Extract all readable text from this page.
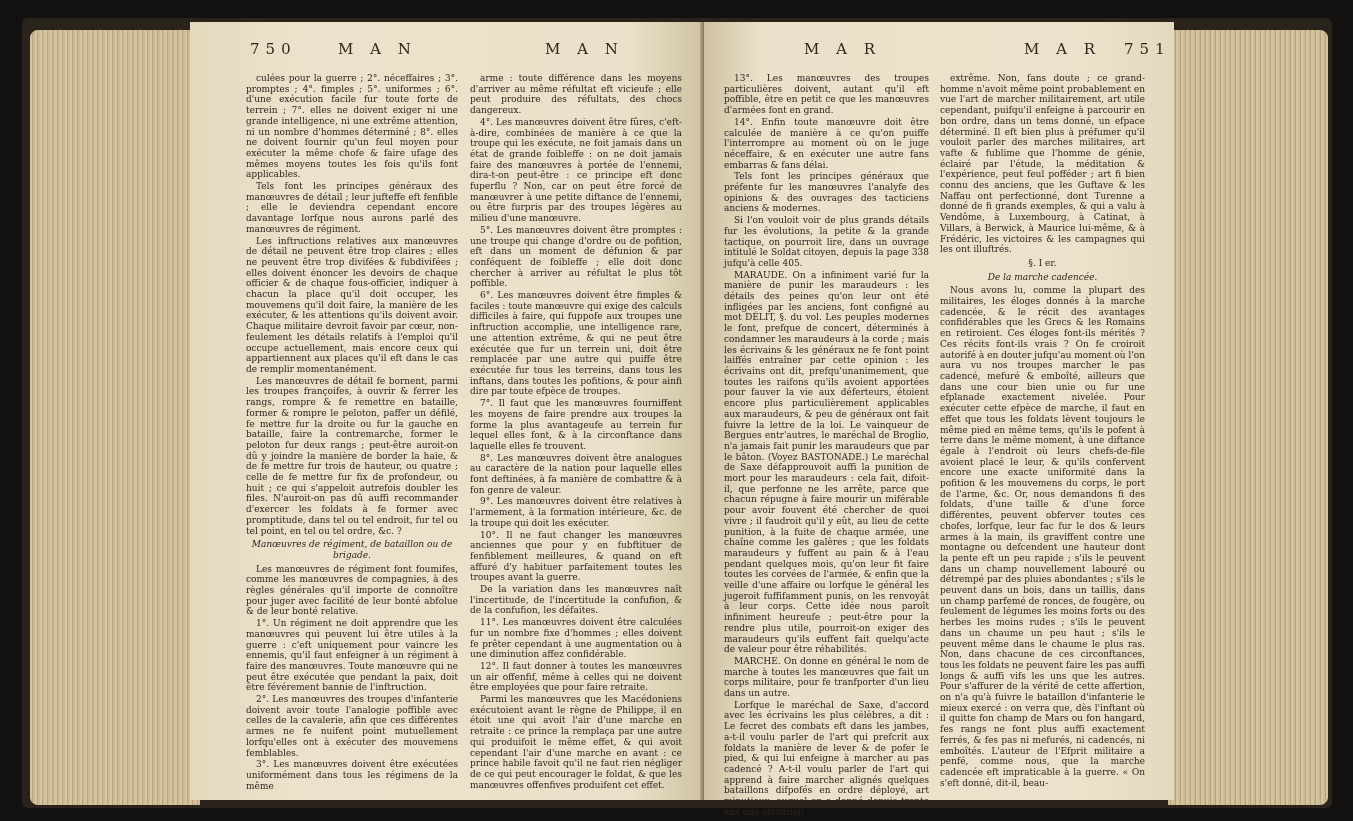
750	M A N	M A N

culées pour la guerre ; 2°. néceffaires ; 3°. promptes ; 4°. fimples ; 5°. uniformes ; 6°. d'une exécution facile fur toute forte de terrein ; 7°. elles ne doivent exiger ni une grande intelligence, ni une extrême attention, ni un nombre d'hommes déterminé ; 8°. elles ne doivent fournir qu'un feul moyen pour exécuter la même chofe & faire ufage des mêmes moyens toutes les fois qu'ils font applicables.

Tels font les principes généraux des manœuvres de détail ; leur jufteffe eft fenfible ; elle le deviendra cependant encore davantage lorfque nous aurons parlé des manœuvres de régiment.

Les inftructions relatives aux manœuvres de détail ne peuvent être trop claires ; elles ne peuvent être trop divifées & fubdivifées ; elles doivent énoncer les devoirs de chaque officier & de chaque fous-officier, indiquer à chacun la place qu'il doit occuper, les mouvemens qu'il doit faire, la manière de les exécuter, & les attentions qu'ils doivent avoir. Chaque militaire devroit favoir par cœur, non-feulement les détails relatifs à l'emploi qu'il occupe actuellement, mais encore ceux qui appartiennent aux places qu'il eft dans le cas de remplir momentanément.

Les manœuvres de détail fe bornent, parmi les troupes françoifes, à ouvrir & ferrer les rangs, rompre & fe remettre en bataille, former & rompre le peloton, paffer un défilé, fe mettre fur la droite ou fur la gauche en bataille, faire la contremarche, former le peloton fur deux rangs ; peut-être auroit-on dû y joindre la manière de border la haie, & de fe mettre fur trois de hauteur, ou quatre ; celle de fe mettre fur fix de profondeur, ou huit ; ce qui s'appeloit autrefois doubler les files. N'auroit-on pas dû auffi recommander d'exercer les foldats à fe former avec promptitude, dans tel ou tel endroit, fur tel ou tel point, en tel ou tel ordre, &c. ?

Manœuvres de régiment, de bataillon ou de brigade.

Les manœuvres de régiment font foumifes, comme les manœuvres de compagnies, à des règles générales qu'il importe de connoître pour juger avec facilité de leur bonté abfolue & de leur bonté relative.

1°. Un régiment ne doit apprendre que les manœuvres qui peuvent lui être utiles à la guerre : c'eft uniquement pour vaincre les ennemis, qu'il faut enfeigner à un régiment à faire des manœuvres. Toute manœuvre qui ne peut être exécutée que pendant la paix, doit être févérement bannie de l'inftruction.

2°. Les manœuvres des troupes d'infanterie doivent avoir toute l'analogie poffible avec celles de la cavalerie, afin que ces différentes armes ne fe nuifent point mutuellement lorfqu'elles ont à exécuter des mouvemens femblables.

3°. Les manœuvres doivent être exécutées uniformément dans tous les régimens de la même

arme : toute différence dans les moyens d'arriver au même réfultat eft vicieufe ; elle peut produire des réfultats, des chocs dangereux.

4°. Les manœuvres doivent être fûres, c'eft-à-dire, combinées de manière à ce que la troupe qui les exécute, ne foit jamais dans un état de grande foibleffe : on ne doit jamais faire des manœuvres à portée de l'ennemi, dira-t-on peut-être : ce principe eft donc fuperflu ? Non, car on peut être forcé de manœuvrer à une petite diftance de l'ennemi, ou être furpris par des troupes légères au milieu d'une manœuvre.

5°. Les manœuvres doivent être promptes : une troupe qui change d'ordre ou de pofition, eft dans un moment de défunion & par conféquent de foibleffe ; elle doit donc chercher à arriver au réfultat le plus tôt poffible.

6°. Les manœuvres doivent être fimples & faciles : toute manœuvre qui exige des calculs difficiles à faire, qui fuppofe aux troupes une inftruction accomplie, une intelligence rare, une attention extrême, & qui ne peut être exécutée que fur un terrein uni, doit être remplacée par une autre qui puiffe être exécutée fur tous les terreins, dans tous les inftans, dans toutes les pofitions, & pour ainfi dire par toute efpèce de troupes.

7°. Il faut que les manœuvres fourniffent les moyens de faire prendre aux troupes la forme la plus avantageufe au terrein fur lequel elles font, & à la circonftance dans laquelle elles fe trouvent.

8°. Les manœuvres doivent être analogues au caractère de la nation pour laquelle elles font deftinées, à fa manière de combattre & à fon genre de valeur.

9°. Les manœuvres doivent être relatives à l'armement, à la formation intérieure, &c. de la troupe qui doit les exécuter.

10°. Il ne faut changer les manœuvres anciennes que pour y en fubftituer de fenfiblement meilleures, & quand on eft affuré d'y habituer parfaitement toutes les troupes avant la guerre.

De la variation dans les manœuvres naît l'incertitude, de l'incertitude la confufion, & de la confufion, les défaites.

11°. Les manœuvres doivent être calculées fur un nombre fixe d'hommes ; elles doivent fe prêter cependant à une augmentation ou à une diminution affez confidérable.

12°. Il faut donner à toutes les manœuvres un air offenfif, même à celles qui ne doivent être employées que pour faire retraite.

Parmi les manœuvres que les Macédoniens exécutoient avant le règne de Philippe, il en étoit une qui avoit l'air d'une marche en retraite : ce prince la remplaça par une autre qui produifoit le même effet, & qui avoit cependant l'air d'une marche en avant : ce prince habile favoit qu'il ne faut rien négliger de ce qui peut encourager le foldat, & que les manœuvres offenfives produifent cet effet.

M A R	M A R 751

13°. Les manœuvres des troupes particulières doivent, autant qu'il eft poffible, être en petit ce que les manœuvres d'armées font en grand.

14°. Enfin toute manœuvre doit être calculée de manière à ce qu'on puiffe l'interrompre au moment où on le juge néceffaire, & en exécuter une autre fans embarras & fans délai.

Tels font les principes généraux que préfente fur les manœuvres l'analyfe des opinions & des ouvrages des tacticiens anciens & modernes.

Si l'on vouloit voir de plus grands détails fur les évolutions, la petite & la grande tactique, on pourroit lire, dans un ouvrage intitulé le Soldat citoyen, depuis la page 338 jufqu'à celle 405.

MARAUDE. On a infiniment varié fur la manière de punir les maraudeurs : les détails des peines qu'on leur ont été infligées par les anciens, font configné au mot DÉLIT, §. du vol. Les peuples modernes le font, prefque de concert, déterminés à condamner les maraudeurs à la corde ; mais les écrivains & les généraux ne fe font point laiffés entraîner par cette opinion : les écrivains ont dit, prefqu'unanimement, que toutes les raifons qu'ils avoient apportées pour fauver la vie aux déferteurs, étoient encore plus particulièrement applicables aux maraudeurs, & peu de généraux ont fait fuivre la lettre de la loi. Le vainqueur de Bergues entr'autres, le maréchal de Broglio, n'a jamais fait punir les maraudeurs que par le bâton. (Voyez BASTONADE.) Le maréchal de Saxe défapprouvoit auffi la punition de mort pour les maraudeurs : cela fait, difoit-il, que perfonne ne les arrête, parce que chacun répugne à faire mourir un miférable pour avoir fouvent été chercher de quoi vivre ; il faudroit qu'il y eût, au lieu de cette punition, à la fuite de chaque armée, une chaîne comme les galères ; que les foldats maraudeurs y fuffent au pain & à l'eau pendant quelques mois, qu'on leur fit faire toutes les corvées de l'armée, & enfin que la veille d'une affaire ou lorfque le général les jugeroit fuffifamment punis, on les renvoyât à leur corps. Cette idée nous paroît infiniment heureufe ; peut-être pour la rendre plus utile, pourroit-on exiger des maraudeurs qu'ils euffent fait quelqu'acte de valeur pour être réhabilités.

MARCHE. On donne en général le nom de marche à toutes les manœuvres que fait un corps militaire, pour fe tranfporter d'un lieu dans un autre.

Lorfque le maréchal de Saxe, d'accord avec les écrivains les plus célèbres, a dit : Le fecret des combats eft dans les jambes, a-t-il voulu parler de l'art qui prefcrit aux foldats la manière de lever & de pofer le pied, & qui lui enfeigne à marcher au pas cadencé ? A-t-il voulu parler de l'art qui apprend à faire marcher alignés quelques bataillons difpofés en ordre déployé, art minutieux, auquel on a donné depuis trente ans une attention

extrême. Non, fans doute ; ce grand-homme n'avoit même point probablement en vue l'art de marcher militairement, art utile cependant, puifqu'il enfeigne à parcourir en bon ordre, dans un tems donné, un efpace déterminé. Il eft bien plus à préfumer qu'il vouloit parler des marches militaires, art vafte & fublime que l'homme de génie, éclairé par l'étude, la méditation & l'expérience, peut feul pofféder ; art fi bien connu des anciens, que les Guftave & les Naffau ont perfectionné, dont Turenne a donné de fi grands exemples, & qui a valu à Vendôme, à Luxembourg, à Catinat, à Villars, à Berwick, à Maurice lui-même, & à Frédéric, les victoires & les campagnes qui les ont illuftrés.

§. I er.

De la marche cadencée.

Nous avons lu, comme la plupart des militaires, les éloges donnés à la marche cadencée, & le récit des avantages confidérables que les Grecs & les Romains en retiroient. Ces éloges font-ils mérités ? Ces récits font-ils vrais ? On fe croiroit autorifé à en douter jufqu'au moment où l'on aura vu nos troupes marcher le pas cadencé, mefuré & emboîté, ailleurs que dans une cour bien unie ou fur une efplanade exactement nivelée. Pour exécuter cette efpèce de marche, il faut en effet que tous les foldats lèvent toujours le même pied en même tems, qu'ils le pofent à terre dans le même moment, à une diftance égale à l'endroit où leurs chefs-de-file avoient placé le leur, & qu'ils confervent encore une exacte uniformité dans la pofition & les mouvemens du corps, le port de l'arme, &c. Or, nous demandons fi des foldats, d'une taille & d'une force différentes, peuvent obferver toutes ces chofes, lorfque, leur fac fur le dos & leurs armes à la main, ils graviffent contre une montagne ou defcendent une hauteur dont la pente eft un peu rapide ; s'ils le peuvent dans un champ nouvellement labouré ou détrempé par des pluies abondantes ; s'ils le peuvent dans un bois, dans un taillis, dans un champ parfemé de ronces, de fougère, ou feulement de légumes les moins forts ou des herbes les moins rudes ; s'ils le peuvent dans un chaume un peu haut ; s'ils le peuvent même dans le chaume le plus ras. Non, dans chacune de ces circonftances, tous les foldats ne peuvent faire les pas auffi longs & auffi vifs les uns que les autres. Pour s'affurer de la vérité de cette affertion, on n'a qu'à fuivre le bataillon d'infanterie le mieux exercé : on verra que, dès l'inftant où il quitte fon champ de Mars ou fon hangard, fes rangs ne font plus auffi exactement ferrés, & fes pas ni mefurés, ni cadencés, ni emboîtés. L'auteur de l'Efprit militaire a penfé, comme nous, que la marche cadencée eft impraticable à la guerre. « On s'eft donné, dit-il, beau-
